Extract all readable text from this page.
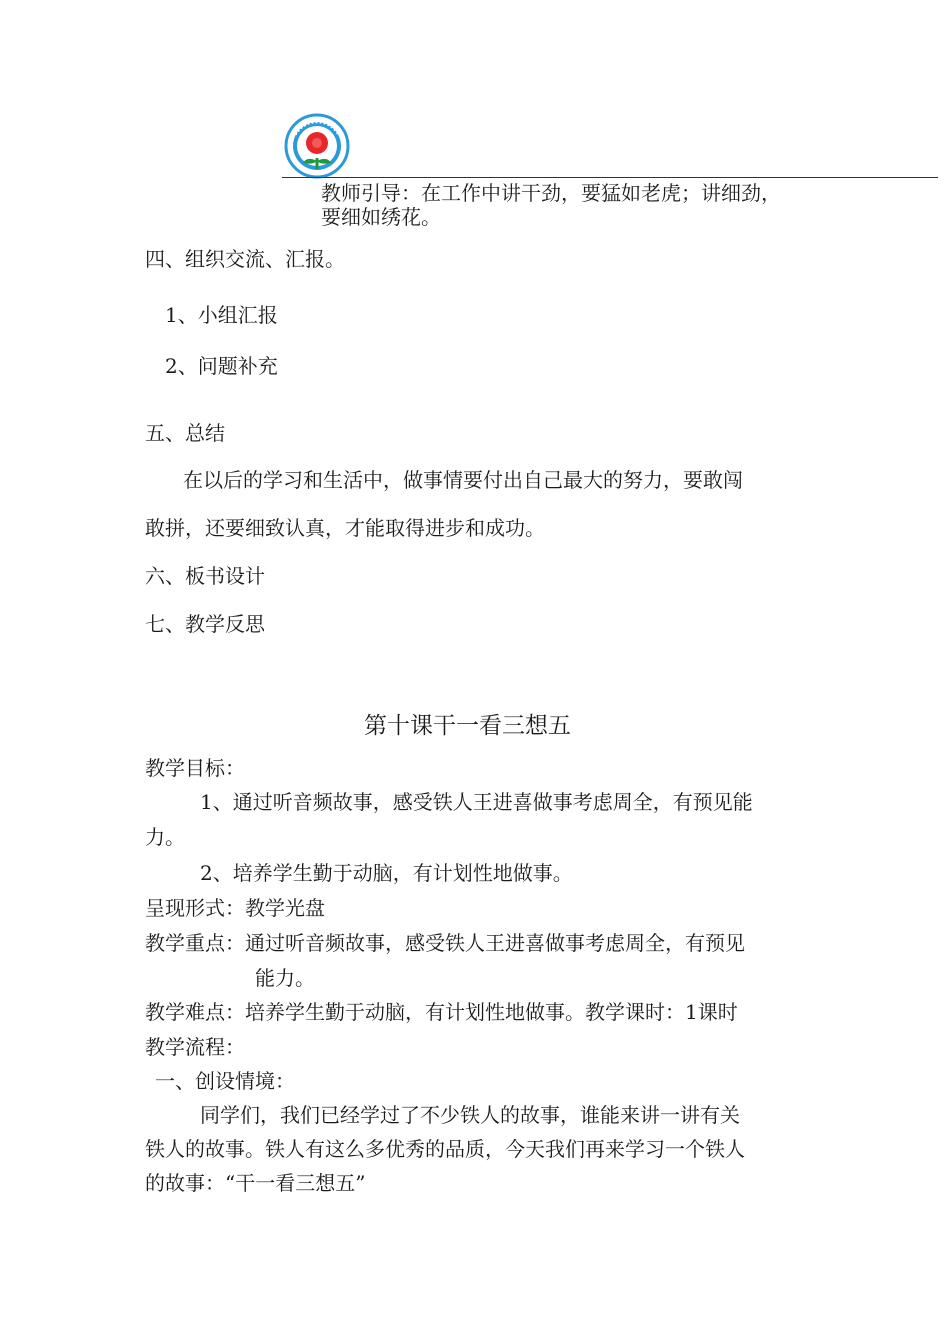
教师引导：在工作中讲干劲，要猛如老虎；讲细劲，
要细如绣花。
四、组织交流、汇报。
1、小组汇报
2、问题补充
五、总结
在以后的学习和生活中，做事情要付出自己最大的努力，要敢闯
敢拼，还要细致认真，才能取得进步和成功。
六、板书设计
七、教学反思
第十课干一看三想五
教学目标：
1、通过听音频故事，感受铁人王进喜做事考虑周全，有预见能
力。
2、培养学生勤于动脑，有计划性地做事。
呈现形式：教学光盘
教学重点：通过听音频故事，感受铁人王进喜做事考虑周全，有预见
能力。
教学难点：培养学生勤于动脑，有计划性地做事。教学课时：1课时
教学流程：
一、创设情境：
同学们，我们已经学过了不少铁人的故事，谁能来讲一讲有关
铁人的故事。铁人有这么多优秀的品质，今天我们再来学习一个铁人
的故事：“干一看三想五”
